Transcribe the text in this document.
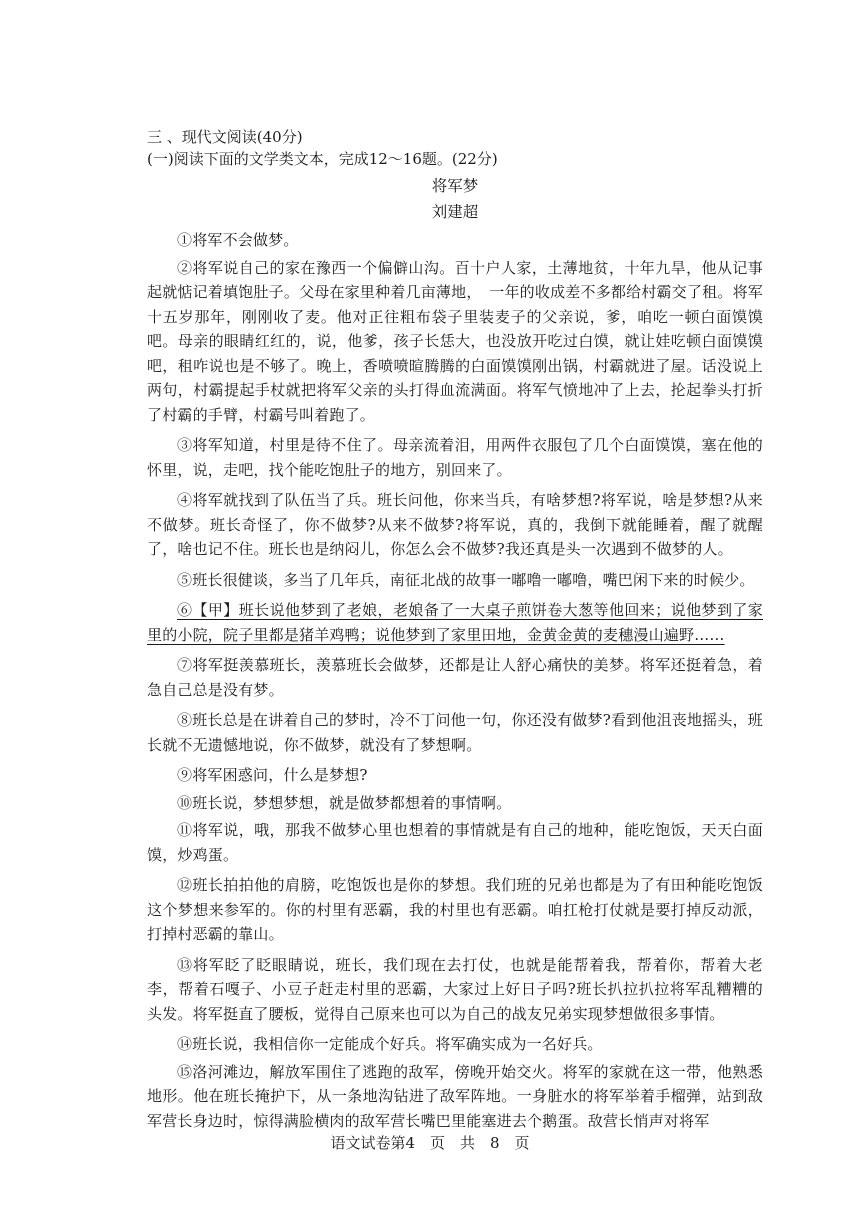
三 、现代文阅读(40分)

(一)阅读下面的文学类文本，完成12～16题。(22分)

将军梦

刘建超

①将军不会做梦。

②将军说自己的家在豫西一个偏僻山沟。百十户人家，土薄地贫，十年九旱，他从记事起就惦记着填饱肚子。父母在家里种着几亩薄地，　一年的收成差不多都给村霸交了租。将军十五岁那年，刚刚收了麦。他对正往粗布袋子里装麦子的父亲说，爹，咱吃一顿白面馍馍吧。母亲的眼睛红红的，说，他爹，孩子长恁大，也没放开吃过白馍，就让娃吃顿白面馍馍吧，租咋说也是不够了。晚上，香喷喷暄腾腾的白面馍馍刚出锅，村霸就进了屋。话没说上两句，村霸提起手杖就把将军父亲的头打得血流满面。将军气愤地冲了上去，抡起拳头打折了村霸的手臂，村霸号叫着跑了。

③将军知道，村里是待不住了。母亲流着泪，用两件衣服包了几个白面馍馍，塞在他的怀里，说，走吧，找个能吃饱肚子的地方，别回来了。

④将军就找到了队伍当了兵。班长问他，你来当兵，有啥梦想?将军说，啥是梦想?从来不做梦。班长奇怪了，你不做梦?从来不做梦?将军说，真的，我倒下就能睡着，醒了就醒了，啥也记不住。班长也是纳闷儿，你怎么会不做梦?我还真是头一次遇到不做梦的人。

⑤班长很健谈，多当了几年兵，南征北战的故事一嘟噜一嘟噜，嘴巴闲下来的时候少。

⑥【甲】班长说他梦到了老娘，老娘备了一大桌子煎饼卷大葱等他回来；说他梦到了家里的小院，院子里都是猪羊鸡鸭；说他梦到了家里田地，金黄金黄的麦穗漫山遍野……

⑦将军挺羡慕班长，羡慕班长会做梦，还都是让人舒心痛快的美梦。将军还挺着急，着急自己总是没有梦。

⑧班长总是在讲着自己的梦时，冷不丁问他一句，你还没有做梦?看到他沮丧地摇头，班长就不无遗憾地说，你不做梦，就没有了梦想啊。

⑨将军困惑问，什么是梦想?

⑩班长说，梦想梦想，就是做梦都想着的事情啊。

⑪将军说，哦，那我不做梦心里也想着的事情就是有自己的地种，能吃饱饭，天天白面馍，炒鸡蛋。

⑫班长拍拍他的肩膀，吃饱饭也是你的梦想。我们班的兄弟也都是为了有田种能吃饱饭这个梦想来参军的。你的村里有恶霸，我的村里也有恶霸。咱扛枪打仗就是要打掉反动派，打掉村恶霸的靠山。

⑬将军眨了眨眼睛说，班长，我们现在去打仗，也就是能帮着我，帮着你，帮着大老李，帮着石嘎子、小豆子赶走村里的恶霸，大家过上好日子吗?班长扒拉扒拉将军乱糟糟的头发。将军挺直了腰板，觉得自己原来也可以为自己的战友兄弟实现梦想做很多事情。

⑭班长说，我相信你一定能成个好兵。将军确实成为一名好兵。

⑮洛河滩边，解放军围住了逃跑的敌军，傍晚开始交火。将军的家就在这一带，他熟悉地形。他在班长掩护下，从一条地沟钻进了敌军阵地。一身脏水的将军举着手榴弹，站到敌军营长身边时，惊得满脸横肉的敌军营长嘴巴里能塞进去个鹅蛋。敌营长悄声对将军

语文试卷第4　页　共　8　页
